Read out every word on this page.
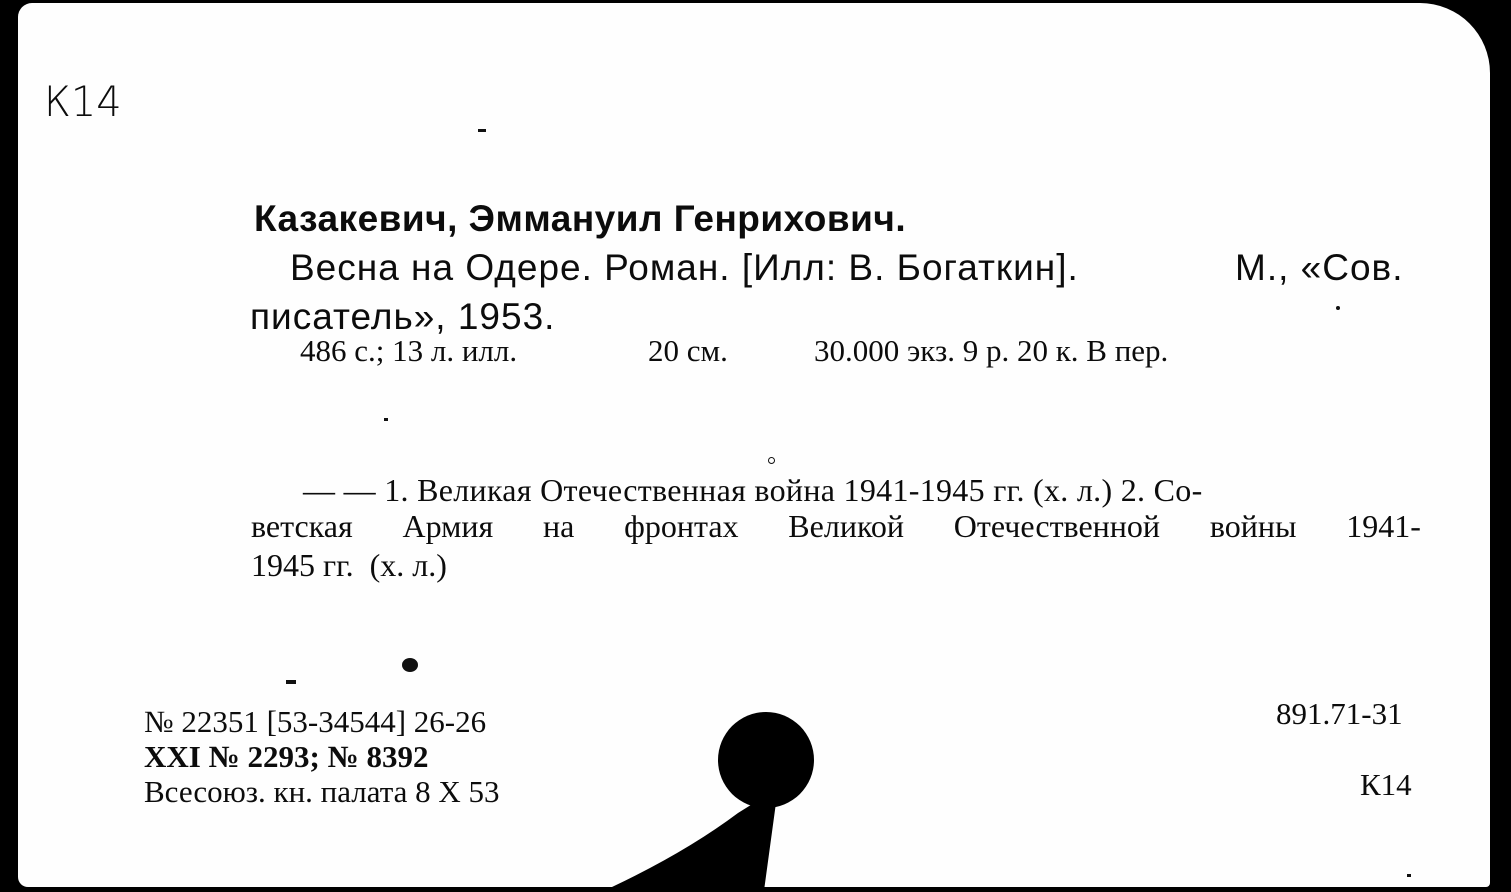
К14
Казакевич, Эммануил Генрихович.
Весна на Одере. Роман. [Илл: В. Богаткин].	М., «Сов.
писатель», 1953.
486 с.; 13 л. илл.	20 см.	30.000 экз. 9 р. 20 к. В пер.
— — 1. Великая Отечественная война 1941-1945 гг. (х. л.) 2. Со-
ветская Армия на фронтах Великой Отечественной войны 1941-
1945 гг.  (х. л.)
№ 22351 [53-34544] 26-26
XXI № 2293; № 8392
Всесоюз. кн. палата 8 X 53
891.71-31
К14
